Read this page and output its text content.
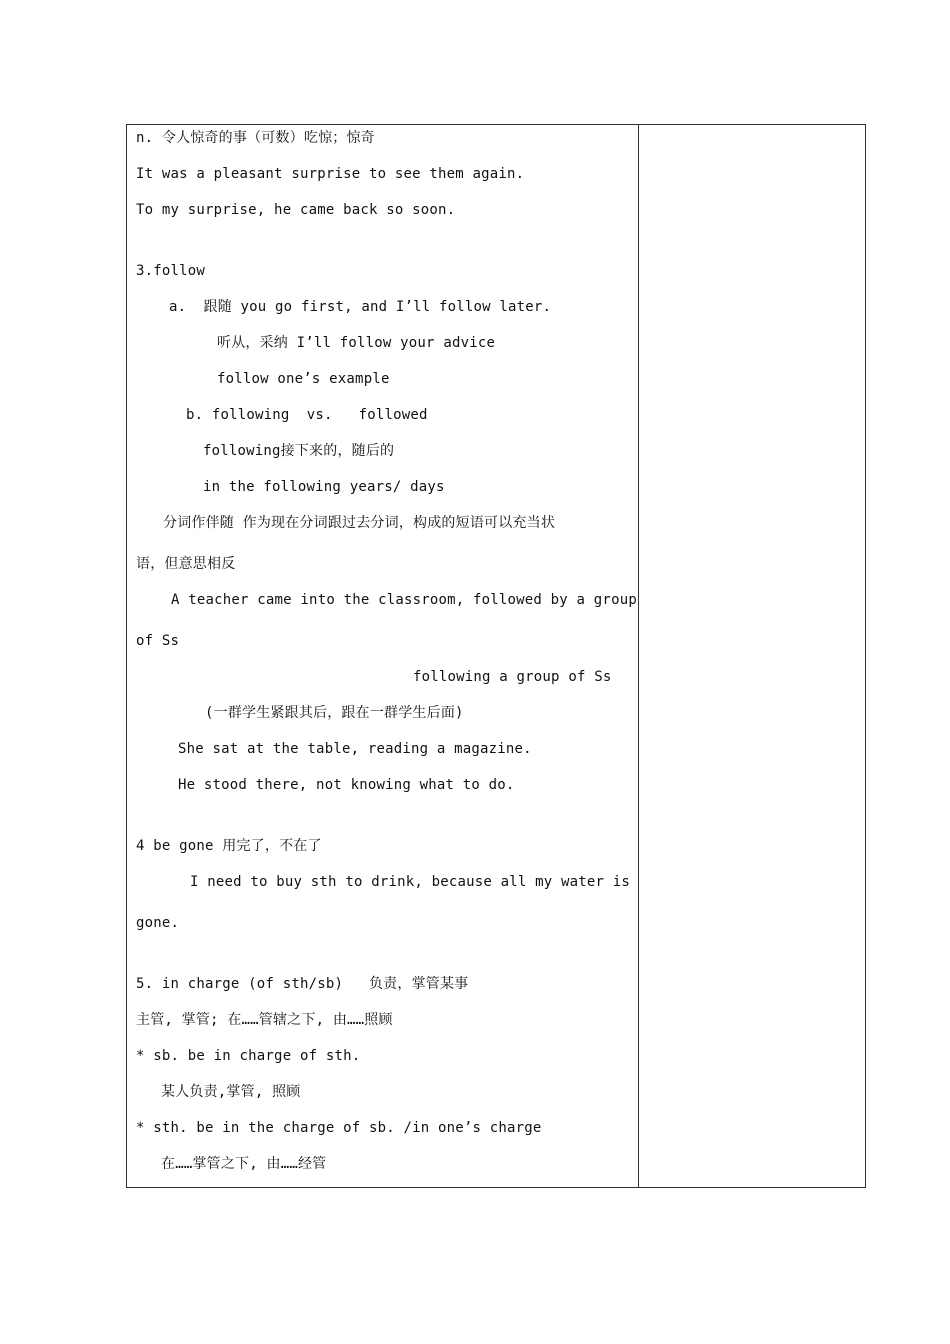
n. 令人惊奇的事（可数）吃惊；惊奇
It was a pleasant surprise to see them again.
To my surprise, he came back so soon.
3.follow
a.  跟随 you go first, and I’ll follow later.
听从，采纳 I’ll follow your advice
follow one’s example
b. following  vs.   followed
following接下来的，随后的
in the following years/ days
分词作伴随 作为现在分词跟过去分词，构成的短语可以充当状
语，但意思相反
A teacher came into the classroom, followed by a group
of Ss
following a group of Ss
(一群学生紧跟其后，跟在一群学生后面)
She sat at the table, reading a magazine.
He stood there, not knowing what to do.
4 be gone 用完了，不在了
I need to buy sth to drink, because all my water is
gone.
5. in charge (of sth/sb)   负责，掌管某事
主管, 掌管; 在……管辖之下, 由……照顾
* sb. be in charge of sth.
某人负责,掌管, 照顾
* sth. be in the charge of sb. /in one’s charge
在……掌管之下, 由……经管
